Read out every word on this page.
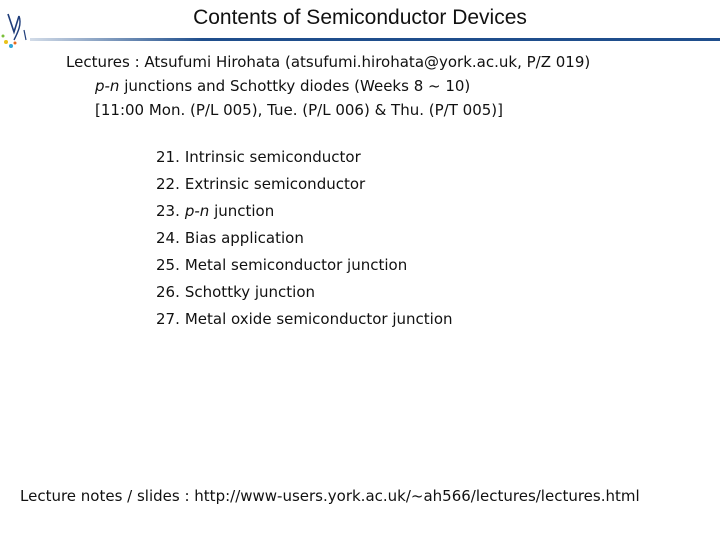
Contents of Semiconductor Devices
Lectures : Atsufumi Hirohata (atsufumi.hirohata@york.ac.uk, P/Z 019)
p-n junctions and Schottky diodes (Weeks 8 ~ 10)
[11:00 Mon. (P/L 005), Tue. (P/L 006) & Thu. (P/T 005)]
21. Intrinsic semiconductor
22. Extrinsic semiconductor
23. p-n junction
24. Bias application
25. Metal semiconductor junction
26. Schottky junction
27. Metal oxide semiconductor junction
Lecture notes / slides : http://www-users.york.ac.uk/~ah566/lectures/lectures.html
